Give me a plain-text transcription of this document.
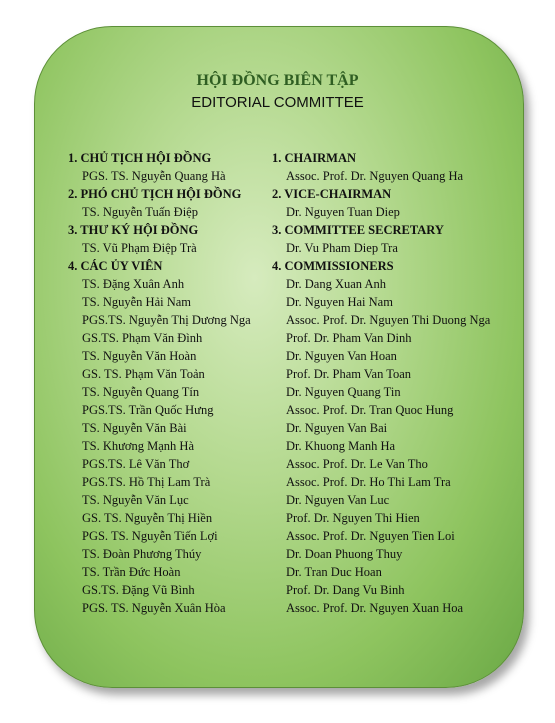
HỘI ĐỒNG BIÊN TẬP
EDITORIAL COMMITTEE
1. CHỦ TỊCH HỘI ĐỒNG
PGS. TS. Nguyễn Quang Hà
2. PHÓ CHỦ TỊCH HỘI ĐỒNG
TS. Nguyễn Tuấn Điệp
3. THƯ KÝ HỘI ĐỒNG
TS. Vũ Phạm Điệp Trà
4. CÁC ỦY VIÊN
TS. Đặng Xuân Anh
TS. Nguyễn Hải Nam
PGS.TS. Nguyễn Thị Dương Nga
GS.TS. Phạm Văn Đình
TS. Nguyễn Văn Hoàn
GS. TS. Phạm Văn Toản
TS. Nguyễn Quang Tín
PGS.TS. Trần Quốc Hưng
TS. Nguyễn Văn Bài
TS. Khương Mạnh Hà
PGS.TS. Lê Văn Thơ
PGS.TS. Hồ Thị Lam Trà
TS. Nguyễn Văn Lục
GS. TS. Nguyễn Thị Hiền
PGS. TS. Nguyễn Tiến Lợi
TS. Đoàn Phương Thúy
TS. Trần Đức Hoàn
GS.TS. Đặng Vũ Bình
PGS. TS. Nguyễn Xuân Hòa
1. CHAIRMAN
Assoc. Prof. Dr. Nguyen Quang Ha
2. VICE-CHAIRMAN
Dr. Nguyen Tuan Diep
3. COMMITTEE SECRETARY
Dr. Vu Pham Diep Tra
4. COMMISSIONERS
Dr. Dang Xuan Anh
Dr. Nguyen Hai Nam
Assoc. Prof. Dr. Nguyen Thi Duong Nga
Prof. Dr. Pham Van Dinh
Dr. Nguyen Van Hoan
Prof. Dr. Pham Van Toan
Dr. Nguyen Quang Tin
Assoc. Prof. Dr. Tran Quoc Hung
Dr. Nguyen Van Bai
Dr. Khuong Manh Ha
Assoc. Prof. Dr. Le Van Tho
Assoc. Prof. Dr. Ho Thi Lam Tra
Dr. Nguyen Van Luc
Prof. Dr. Nguyen Thi Hien
Assoc. Prof. Dr. Nguyen Tien Loi
Dr. Doan Phuong Thuy
Dr. Tran Duc Hoan
Prof. Dr. Dang Vu Binh
Assoc. Prof. Dr. Nguyen Xuan Hoa
